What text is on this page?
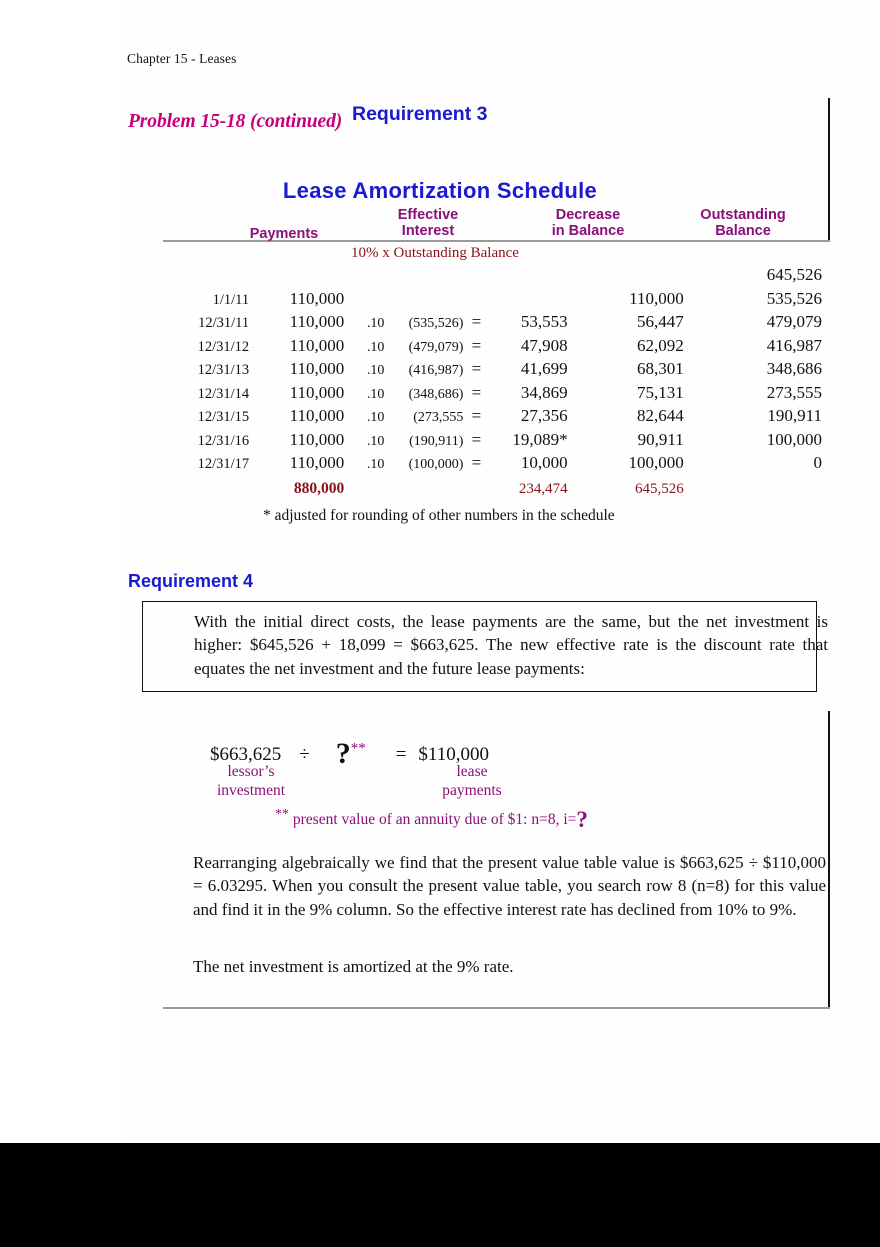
Chapter 15 - Leases
Problem 15-18 (continued) Requirement 3
Lease Amortization Schedule
Payments
Effective
Interest
Decrease
in Balance
Outstanding
Balance
10% x Outstanding Balance
							645,526
1/1/11	110,000					110,000	535,526
12/31/11	110,000	.10	(535,526)	=	53,553	56,447	479,079
12/31/12	110,000	.10	(479,079)	=	47,908	62,092	416,987
12/31/13	110,000	.10	(416,987)	=	41,699	68,301	348,686
12/31/14	110,000	.10	(348,686)	=	34,869	75,131	273,555
12/31/15	110,000	.10	(273,555	=	27,356	82,644	190,911
12/31/16	110,000	.10	(190,911)	=	19,089*	90,911	100,000
12/31/17	110,000	.10	(100,000)	=	10,000	100,000	0
	880,000				234,474	645,526	
* adjusted for rounding of other numbers in the schedule
Requirement 4
With the initial direct costs, the lease payments are the same, but the net investment is higher: $645,526 + 18,099 = $663,625. The new effective rate is the discount rate that equates the net investment and the future lease payments:
$663,625 ÷ ?** = $110,000
lessor’s
investment
lease
payments
** present value of an annuity due of $1: n=8, i=?
Rearranging algebraically we find that the present value table value is $663,625 ÷ $110,000 = 6.03295. When you consult the present value table, you search row 8 (n=8) for this value and find it in the 9% column. So the effective interest rate has declined from 10% to 9%.
The net investment is amortized at the 9% rate.
